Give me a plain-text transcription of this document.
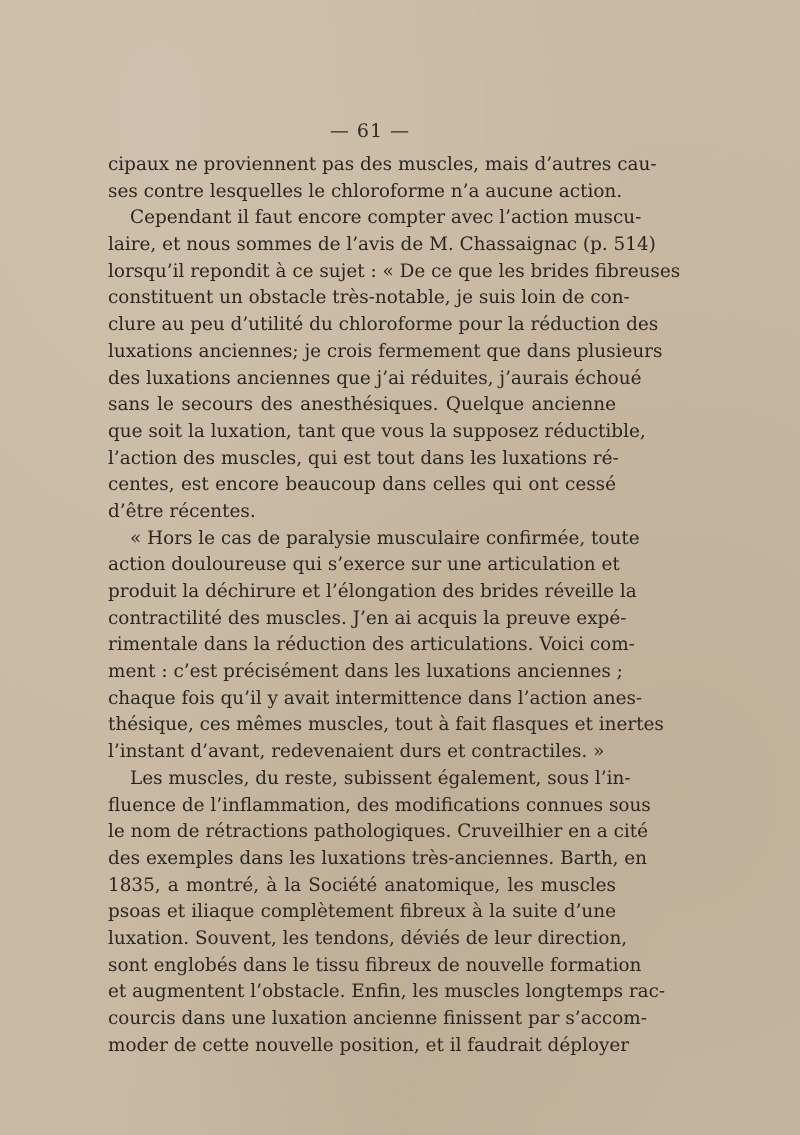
— 61 —
cipaux ne proviennent pas des muscles, mais d’autres cau-
ses contre lesquelles le chloroforme n’a aucune action.
Cependant il faut encore compter avec l’action muscu-
laire, et nous sommes de l’avis de M. Chassaignac (p. 514)
lorsqu’il repondit à ce sujet : « De ce que les brides fibreuses
constituent un obstacle très-notable, je suis loin de con-
clure au peu d’utilité du chloroforme pour la réduction des
luxations anciennes; je crois fermement que dans plusieurs
des luxations anciennes que j’ai réduites, j’aurais échoué
sans le secours des anesthésiques. Quelque ancienne
que soit la luxation, tant que vous la supposez réductible,
l’action des muscles, qui est tout dans les luxations ré-
centes, est encore beaucoup dans celles qui ont cessé
d’être récentes.
« Hors le cas de paralysie musculaire confirmée, toute
action douloureuse qui s’exerce sur une articulation et
produit la déchirure et l’élongation des brides réveille la
contractilité des muscles. J’en ai acquis la preuve expé-
rimentale dans la réduction des articulations. Voici com-
ment : c’est précisément dans les luxations anciennes ;
chaque fois qu’il y avait intermittence dans l’action anes-
thésique, ces mêmes muscles, tout à fait flasques et inertes
l’instant d’avant, redevenaient durs et contractiles. »
Les muscles, du reste, subissent également, sous l’in-
fluence de l’inflammation, des modifications connues sous
le nom de rétractions pathologiques. Cruveilhier en a cité
des exemples dans les luxations très-anciennes. Barth, en
1835, a montré, à la Société anatomique, les muscles
psoas et iliaque complètement fibreux à la suite d’une
luxation. Souvent, les tendons, déviés de leur direction,
sont englobés dans le tissu fibreux de nouvelle formation
et augmentent l’obstacle. Enfin, les muscles longtemps rac-
courcis dans une luxation ancienne finissent par s’accom-
moder de cette nouvelle position, et il faudrait déployer
